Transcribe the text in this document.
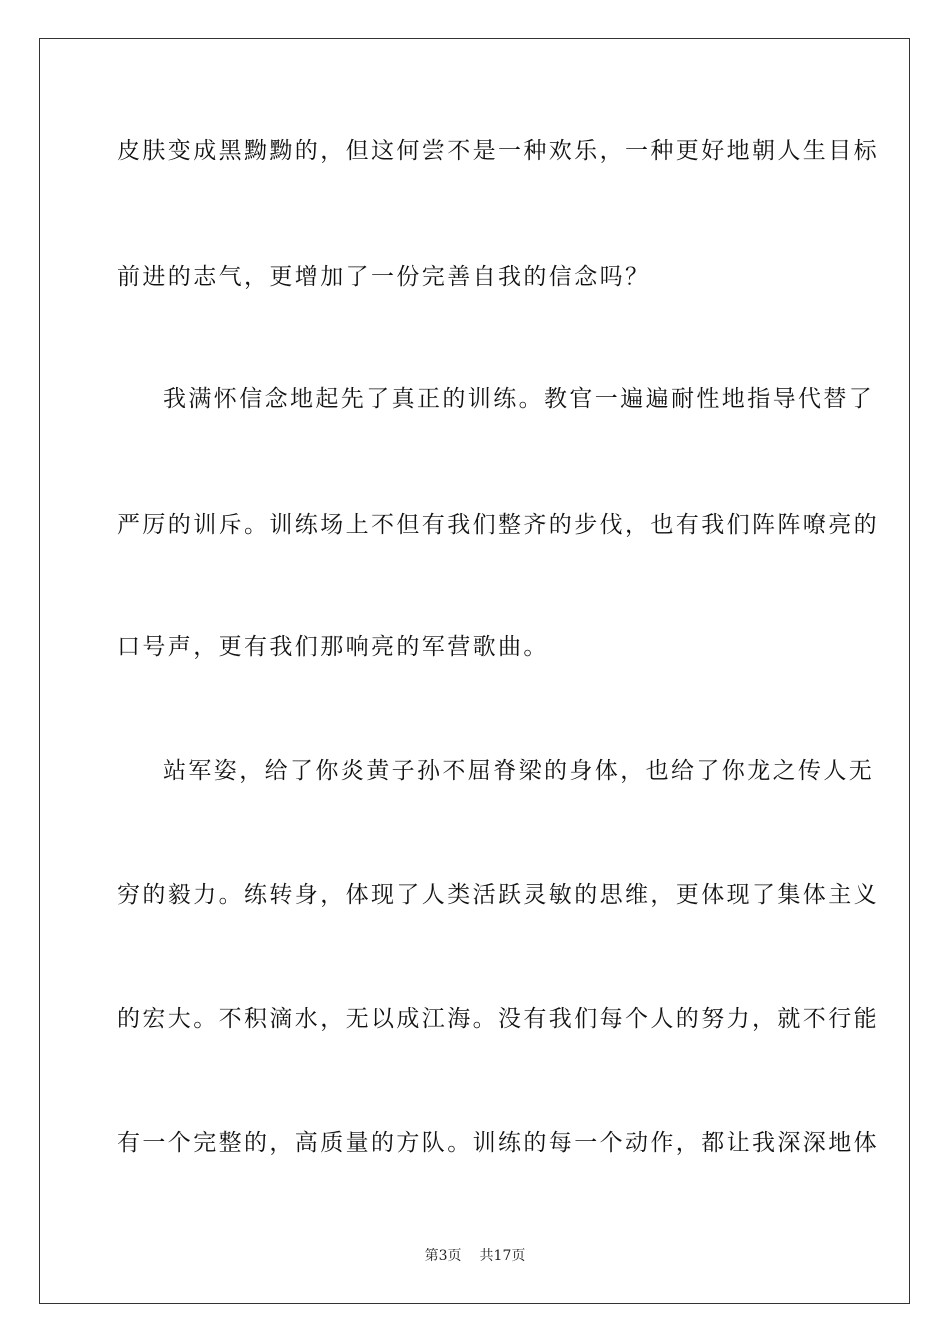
皮肤变成黑黝黝的，但这何尝不是一种欢乐，一种更好地朝人生目标
前进的志气，更增加了一份完善自我的信念吗？
我满怀信念地起先了真正的训练。教官一遍遍耐性地指导代替了
严厉的训斥。训练场上不但有我们整齐的步伐，也有我们阵阵嘹亮的
口号声，更有我们那响亮的军营歌曲。
站军姿，给了你炎黄子孙不屈脊梁的身体，也给了你龙之传人无
穷的毅力。练转身，体现了人类活跃灵敏的思维，更体现了集体主义
的宏大。不积滴水，无以成江海。没有我们每个人的努力，就不行能
有一个完整的，高质量的方队。训练的每一个动作，都让我深深地体
第3页 共17页
